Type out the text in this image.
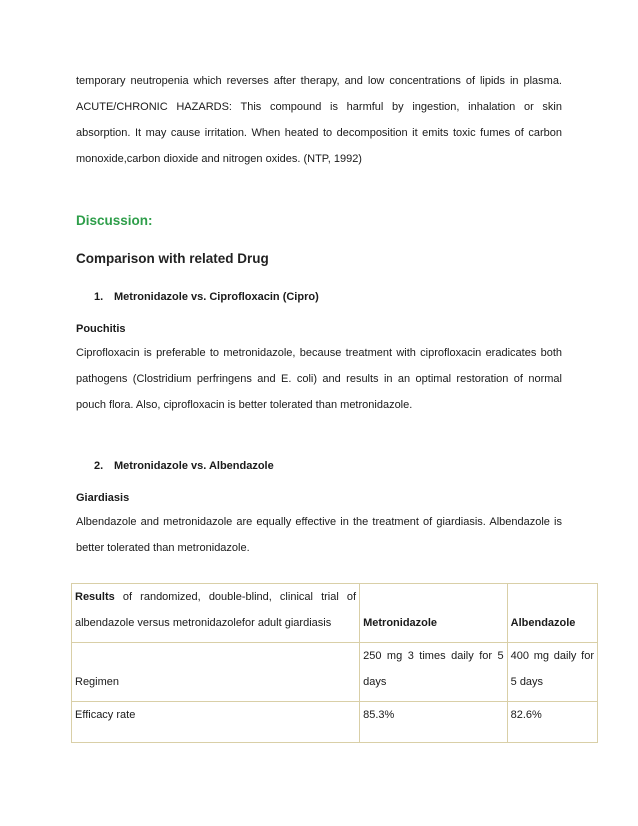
temporary neutropenia which reverses after therapy, and low concentrations of lipids in plasma. ACUTE/CHRONIC HAZARDS: This compound is harmful by ingestion, inhalation or skin absorption. It may cause irritation. When heated to decomposition it emits toxic fumes of carbon monoxide,carbon dioxide and nitrogen oxides. (NTP, 1992)

Discussion:
Comparison with related Drug

1. Metronidazole vs. Ciprofloxacin (Cipro)

Pouchitis

Ciprofloxacin is preferable to metronidazole, because treatment with ciprofloxacin eradicates both pathogens (Clostridium perfringens and E. coli) and results in an optimal restoration of normal pouch flora. Also, ciprofloxacin is better tolerated than metronidazole.

2. Metronidazole vs. Albendazole

Giardiasis

Albendazole and metronidazole are equally effective in the treatment of giardiasis. Albendazole is better tolerated than metronidazole.

Results of randomized, double-blind, clinical trial of albendazole versus metronidazolefor adult giardiasis	Metronidazole	Albendazole
Regimen	250 mg 3 times daily for 5 days	400 mg daily for 5 days
Efficacy rate	85.3%	82.6%
